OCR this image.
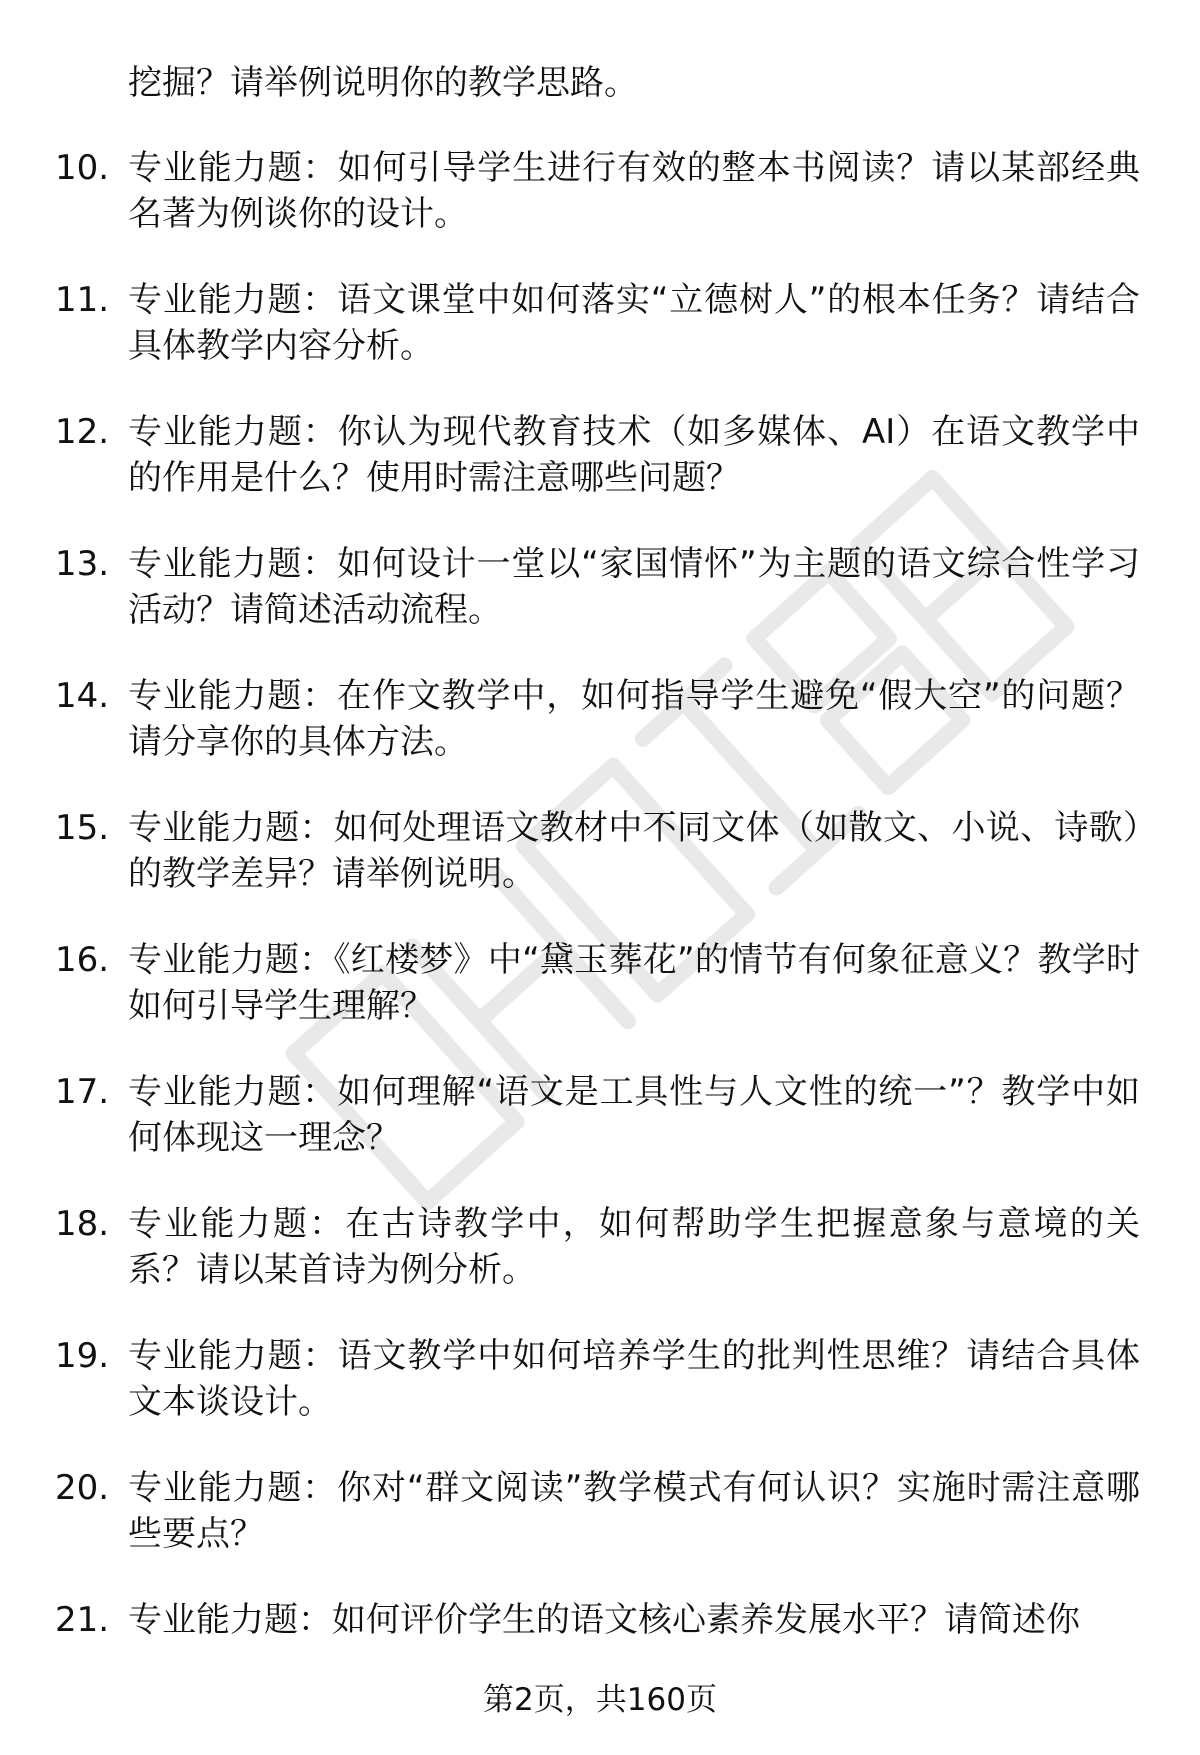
挖掘？请举例说明你的教学思路。

10. 专业能力题：如何引导学生进行有效的整本书阅读？请以某部经典名著为例谈你的设计。
11. 专业能力题：语文课堂中如何落实“立德树人”的根本任务？请结合具体教学内容分析。
12. 专业能力题：你认为现代教育技术（如多媒体、AI）在语文教学中的作用是什么？使用时需注意哪些问题？
13. 专业能力题：如何设计一堂以“家国情怀”为主题的语文综合性学习活动？请简述活动流程。
14. 专业能力题：在作文教学中，如何指导学生避免“假大空”的问题？请分享你的具体方法。
15. 专业能力题：如何处理语文教材中不同文体（如散文、小说、诗歌）的教学差异？请举例说明。
16. 专业能力题：《红楼梦》中“黛玉葬花”的情节有何象征意义？教学时如何引导学生理解？
17. 专业能力题：如何理解“语文是工具性与人文性的统一”？教学中如何体现这一理念？
18. 专业能力题：在古诗教学中，如何帮助学生把握意象与意境的关系？请以某首诗为例分析。
19. 专业能力题：语文教学中如何培养学生的批判性思维？请结合具体文本谈设计。
20. 专业能力题：你对“群文阅读”教学模式有何认识？实施时需注意哪些要点？
21. 专业能力题：如何评价学生的语文核心素养发展水平？请简述你
第2页，共160页
